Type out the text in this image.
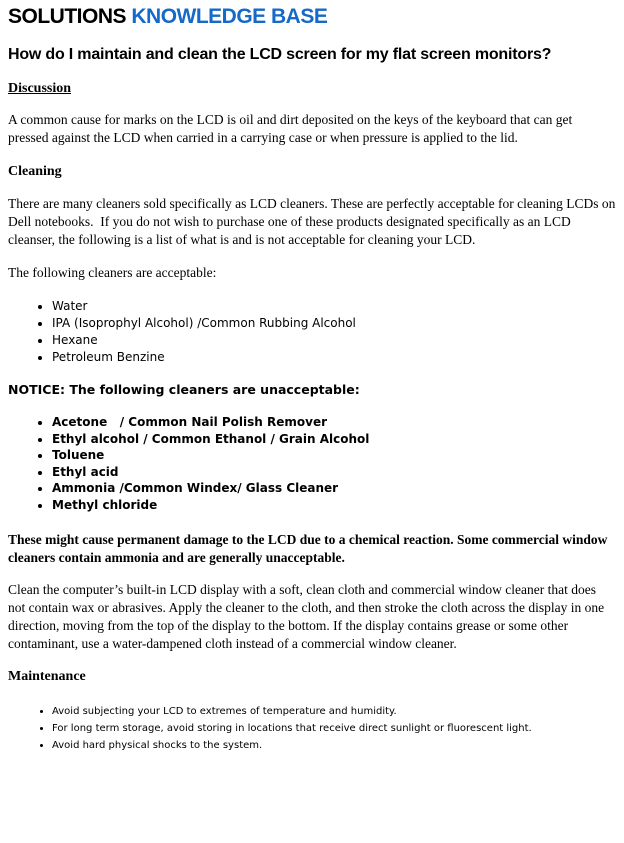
SOLUTIONS KNOWLEDGE BASE
How do I maintain and clean the LCD screen for my flat screen monitors?
Discussion

A common cause for marks on the LCD is oil and dirt deposited on the keys of the keyboard that can get pressed against the LCD when carried in a carrying case or when pressure is applied to the lid.

Cleaning

There are many cleaners sold specifically as LCD cleaners. These are perfectly acceptable for cleaning LCDs on Dell notebooks.  If you do not wish to purchase one of these products designated specifically as an LCD cleanser, the following is a list of what is and is not acceptable for cleaning your LCD.

The following cleaners are acceptable:

• Water
• IPA (Isoprophyl Alcohol) /Common Rubbing Alcohol
• Hexane
• Petroleum Benzine

NOTICE: The following cleaners are unacceptable:

• Acetone   / Common Nail Polish Remover
• Ethyl alcohol / Common Ethanol / Grain Alcohol
• Toluene
• Ethyl acid
• Ammonia /Common Windex/ Glass Cleaner
• Methyl chloride

These might cause permanent damage to the LCD due to a chemical reaction. Some commercial window cleaners contain ammonia and are generally unacceptable.

Clean the computer’s built-in LCD display with a soft, clean cloth and commercial window cleaner that does not contain wax or abrasives. Apply the cleaner to the cloth, and then stroke the cloth across the display in one direction, moving from the top of the display to the bottom. If the display contains grease or some other contaminant, use a water-dampened cloth instead of a commercial window cleaner.

Maintenance
• Avoid subjecting your LCD to extremes of temperature and humidity.
• For long term storage, avoid storing in locations that receive direct sunlight or fluorescent light.
• Avoid hard physical shocks to the system.
